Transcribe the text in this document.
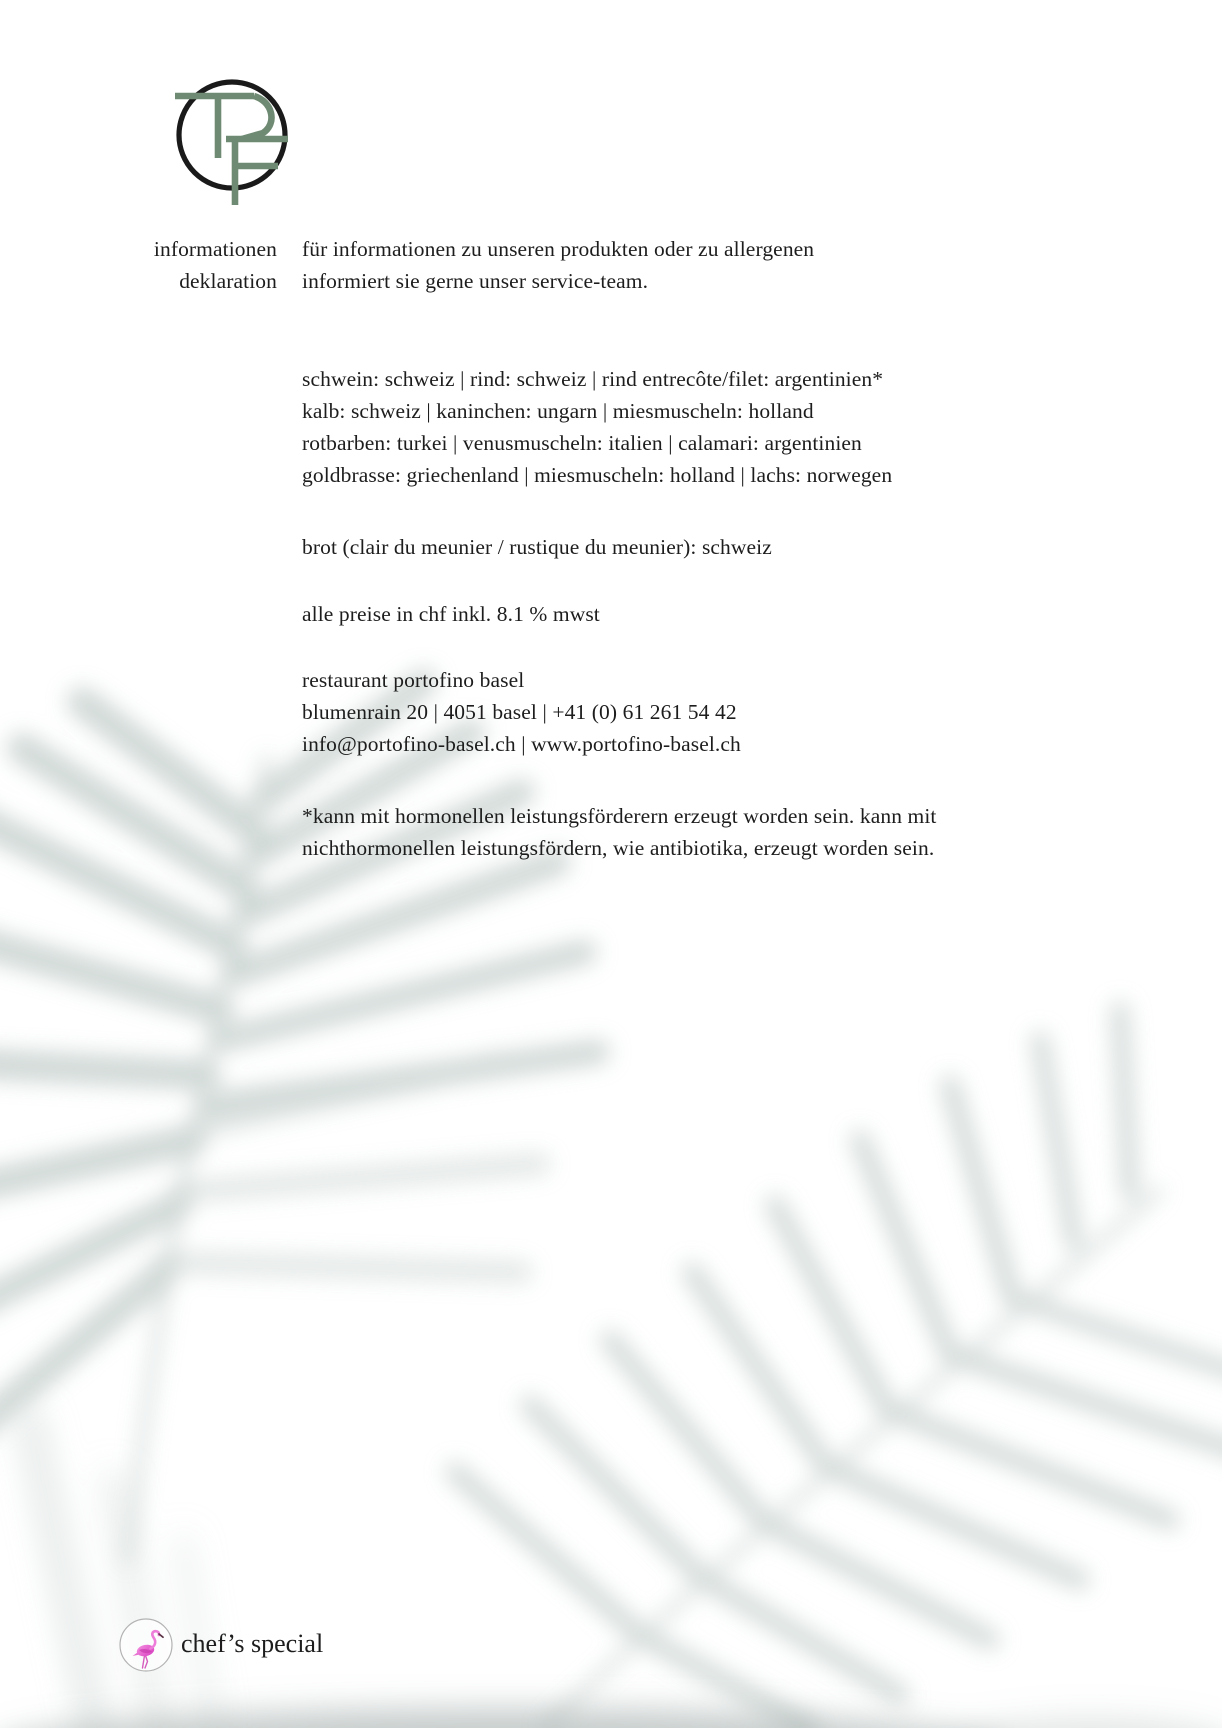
informationen
deklaration
für informationen zu unseren produkten oder zu allergenen
informiert sie gerne unser service-team.
schwein: schweiz | rind: schweiz | rind entrecôte/filet: argentinien*
kalb: schweiz | kaninchen: ungarn | miesmuscheln: holland
rotbarben: turkei | venusmuscheln: italien | calamari: argentinien
goldbrasse: griechenland | miesmuscheln: holland | lachs: norwegen
brot (clair du meunier / rustique du meunier): schweiz
alle preise in chf inkl. 8.1 % mwst
restaurant portofino basel
blumenrain 20 | 4051 basel | +41 (0) 61 261 54 42
info@portofino-basel.ch | www.portofino-basel.ch
*kann mit hormonellen leistungsförderern erzeugt worden sein. kann mit
nichthormonellen leistungsfördern, wie antibiotika, erzeugt worden sein.
chef’s special
